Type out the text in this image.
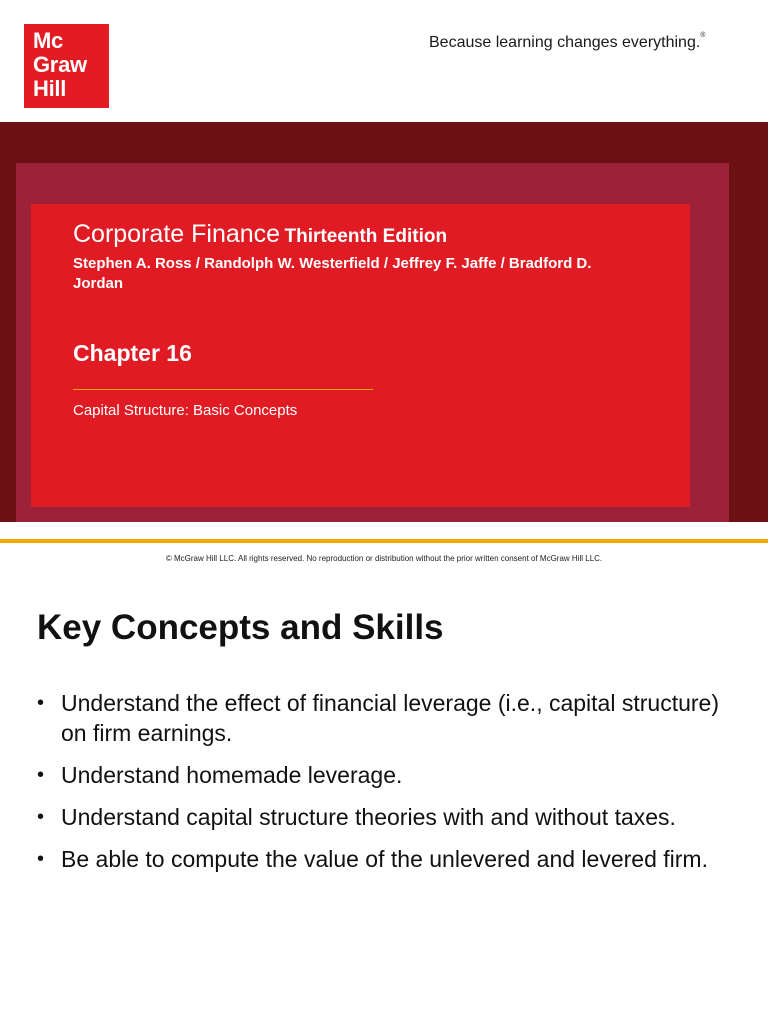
Mc
Graw
Hill
Because learning changes everything.®
Corporate Finance Thirteenth Edition
Stephen A. Ross / Randolph W. Westerfield / Jeffrey F. Jaffe / Bradford D. Jordan
Chapter 16
Capital Structure: Basic Concepts
© McGraw Hill LLC. All rights reserved. No reproduction or distribution without the prior written consent of McGraw Hill LLC.
Key Concepts and Skills
• Understand the effect of financial leverage (i.e., capital structure) on firm earnings.
• Understand homemade leverage.
• Understand capital structure theories with and without taxes.
• Be able to compute the value of the unlevered and levered firm.
